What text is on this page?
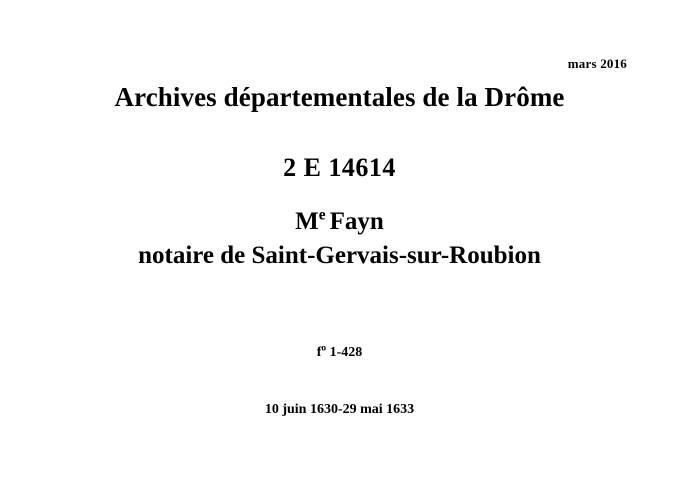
mars 2016
Archives départementales de la Drôme
2 E 14614
Me Fayn
notaire de Saint-Gervais-sur-Roubion
$f^o$ 1-428
10 juin 1630-29 mai 1633
